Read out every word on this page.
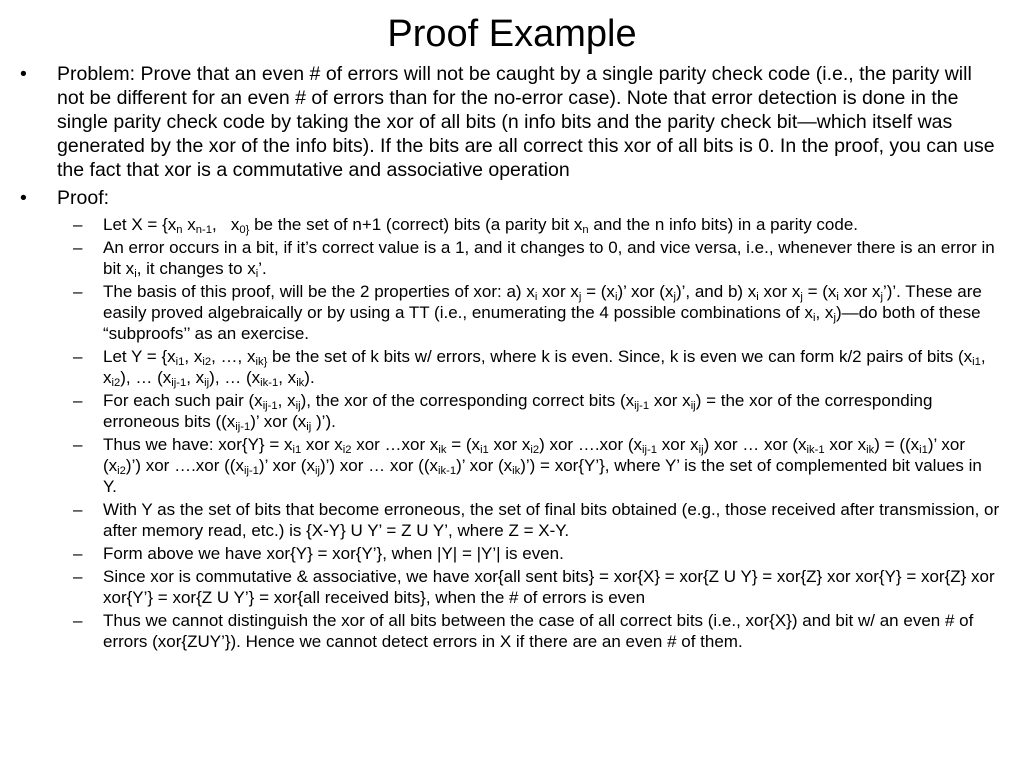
Proof Example
• Problem: Prove that an even # of errors will not be caught by a single parity check code (i.e., the parity will not be different for an even # of errors than for the no-error case). Note that error detection is done in the single parity check code by taking the xor of all bits (n info bits and the parity check bit—which itself was generated by the xor of the info bits). If the bits are all correct this xor of all bits is 0. In the proof, you can use the fact that xor is a commutative and associative operation
• Proof:
– Let $X = \{x_n$ $x_{n-1}$,   $x_{0\}}$ be the set of n+1 (correct) bits (a parity bit $x_n$ and the n info bits) in a parity code.
– An error occurs in a bit, if it’s correct value is a 1, and it changes to 0, and vice versa, i.e., whenever there is an error in bit $x_i$, it changes to $x_i$’.
– The basis of this proof, will be the 2 properties of xor: a) $x_i$ xor $x_j = (x_i)$’ xor $(x_j)$’, and b) $x_i$ xor $x_j = (x_i$ xor $x_j$’)’. These are easily proved algebraically or by using a TT (i.e., enumerating the 4 possible combinations of $x_i$, $x_j)—do$ both of these “subproofs’’ as an exercise.
– Let $Y = \{x_{i1}$, $x_{i2}$, …, $x_{ik\}}$ be the set of k bits w/ errors, where k is even. Since, k is even we can form k/2 pairs of bits ($x_{i1}$, $x_{i2}$), … ($x_{ij-1}$, $x_{ij}$), … ($x_{ik-1}$, $x_{ik}$).
– For each such pair ($x_{ij-1}$, $x_{ij}$), the xor of the corresponding correct bits ($x_{ij-1}$ xor $x_{ij}$) = the xor of the corresponding erroneous bits ($(x_{ij-1})$’ xor ($x_{ij}$ )’).
– Thus we have: $xor\{Y\} = x_{i1}$ xor $x_{i2}$ xor …xor $x_{ik} = (x_{i1}$ xor $x_{i2}$) xor ….xor ($x_{ij-1}$ xor $x_{ij}$) xor … xor ($x_{ik-1}$ xor $x_{ik}) = ((x_{i1})$’ xor $(x_{i2})$’) xor ….xor ($(x_{ij-1})$’ xor $(x_{ij})$’) xor … xor ($(x_{ik-1})$’ xor $(x_{ik})$’) = xor{Y’}, where Y’ is the set of complemented bit values in Y.
– With Y as the set of bits that become erroneous, the set of final bits obtained (e.g., those received after transmission, or after memory read, etc.) is {X-Y} U Y’ = Z U Y’, where Z = X-Y.
– Form above we have xor{Y} = xor{Y’}, when |Y| = |Y’| is even.
– Since xor is commutative & associative, we have xor{all sent bits} = xor{X} = xor{Z U Y} = xor{Z} xor xor{Y} = xor{Z} xor xor{Y’} = xor{Z U Y’} = xor{all received bits}, when the # of errors is even
– Thus we cannot distinguish the xor of all bits between the case of all correct bits (i.e., xor{X}) and bit w/ an even # of errors (xor{ZUY’}). Hence we cannot detect errors in X if there are an even # of them.
